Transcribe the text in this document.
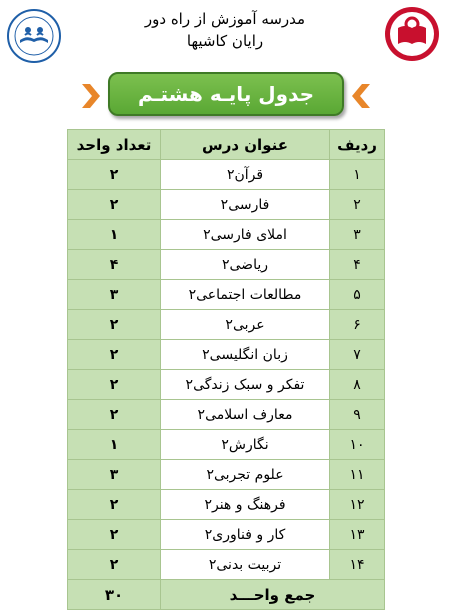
مدرسه آموزش از راه دور
رایان کاشیها
جدول پایـه هشتـم
ردیف	عنوان درس	تعداد واحد
۱	قرآن۲	۲
۲	فارسی۲	۲
۳	املای فارسی۲	۱
۴	ریاضی۲	۴
۵	مطالعات اجتماعی۲	۳
۶	عربی۲	۲
۷	زبان انگلیسی۲	۲
۸	تفکر و سبک زندگی۲	۲
۹	معارف اسلامی۲	۲
۱۰	نگارش۲	۱
۱۱	علوم تجربی۲	۳
۱۲	فرهنگ و هنر۲	۲
۱۳	کار و فناوری۲	۲
۱۴	تربیت بدنی۲	۲
جمع واحـــد		۳۰
